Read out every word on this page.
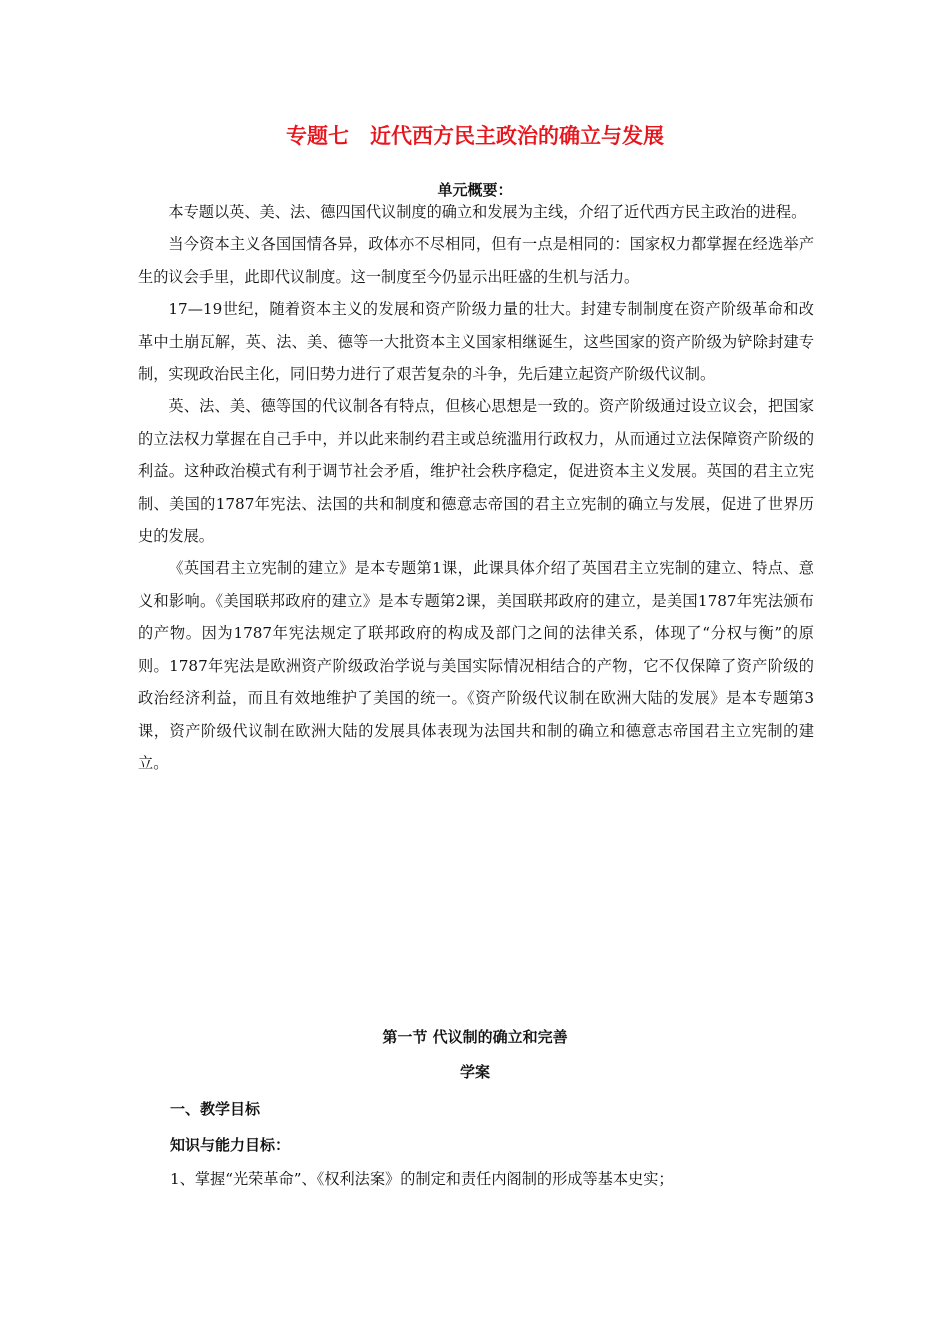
专题七　近代西方民主政治的确立与发展
单元概要：

本专题以英、美、法、德四国代议制度的确立和发展为主线，介绍了近代西方民主政治的进程。

当今资本主义各国国情各异，政体亦不尽相同，但有一点是相同的：国家权力都掌握在经选举产生的议会手里，此即代议制度。这一制度至今仍显示出旺盛的生机与活力。

17—19世纪，随着资本主义的发展和资产阶级力量的壮大。封建专制制度在资产阶级革命和改革中土崩瓦解，英、法、美、德等一大批资本主义国家相继诞生，这些国家的资产阶级为铲除封建专制，实现政治民主化，同旧势力进行了艰苦复杂的斗争，先后建立起资产阶级代议制。

英、法、美、德等国的代议制各有特点，但核心思想是一致的。资产阶级通过设立议会，把国家的立法权力掌握在自己手中，并以此来制约君主或总统滥用行政权力，从而通过立法保障资产阶级的利益。这种政治模式有利于调节社会矛盾，维护社会秩序稳定，促进资本主义发展。英国的君主立宪制、美国的1787年宪法、法国的共和制度和德意志帝国的君主立宪制的确立与发展，促进了世界历史的发展。

《英国君主立宪制的建立》是本专题第1课，此课具体介绍了英国君主立宪制的建立、特点、意义和影响。《美国联邦政府的建立》是本专题第2课，美国联邦政府的建立，是美国1787年宪法颁布的产物。因为1787年宪法规定了联邦政府的构成及部门之间的法律关系，体现了“分权与衡”的原则。1787年宪法是欧洲资产阶级政治学说与美国实际情况相结合的产物，它不仅保障了资产阶级的政治经济利益，而且有效地维护了美国的统一。《资产阶级代议制在欧洲大陆的发展》是本专题第3课，资产阶级代议制在欧洲大陆的发展具体表现为法国共和制的确立和德意志帝国君主立宪制的建立。

第一节 代议制的确立和完善
学案
一、教学目标
知识与能力目标：
1、掌握“光荣革命”、《权利法案》的制定和责任内阁制的形成等基本史实；
